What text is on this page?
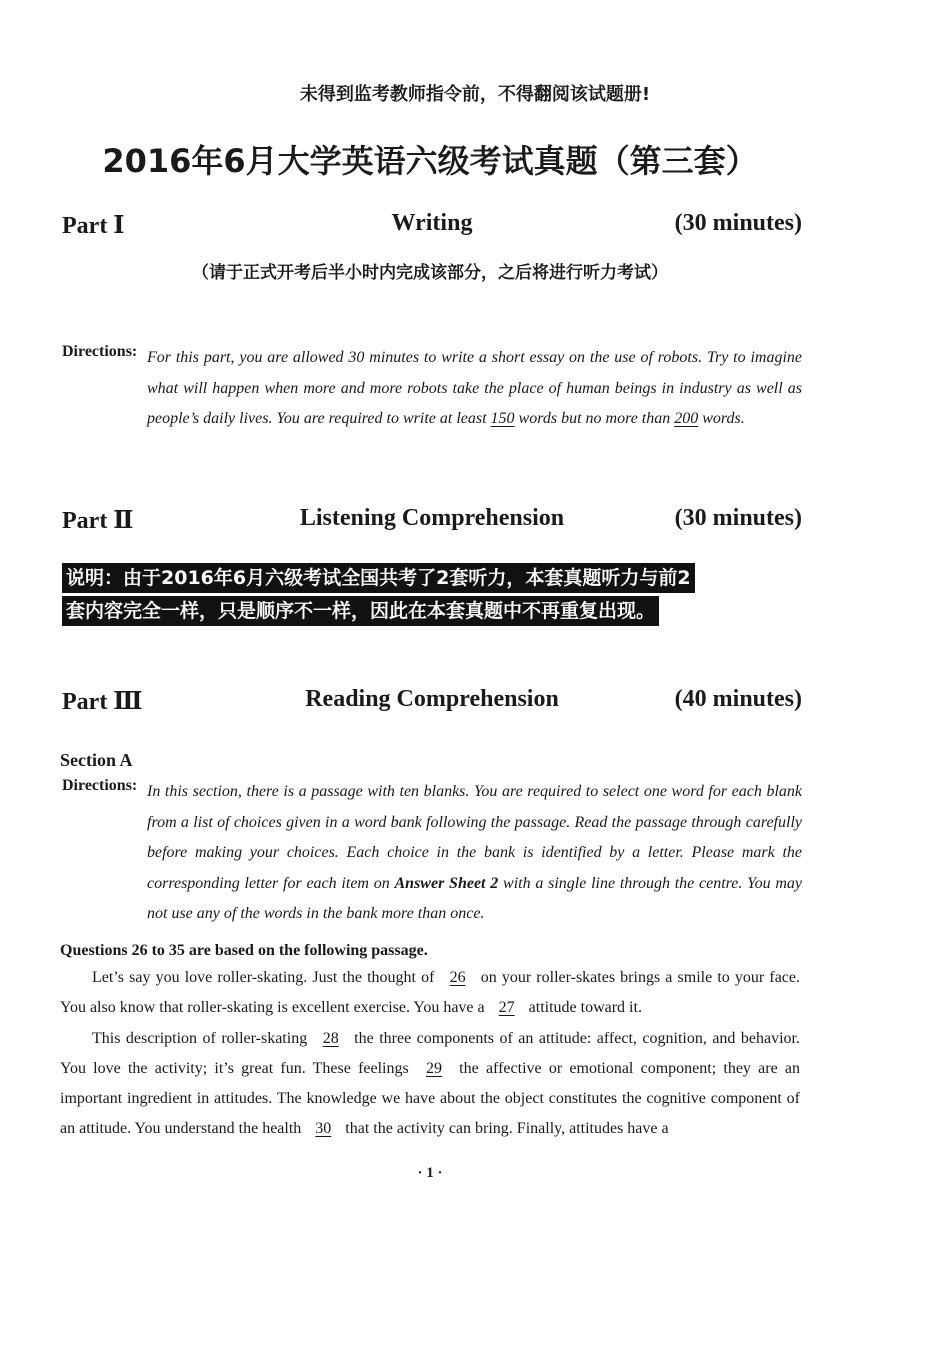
未得到监考教师指令前，不得翻阅该试题册!
2016年6月大学英语六级考试真题（第三套）
Part Ⅰ	Writing	(30 minutes)
（请于正式开考后半小时内完成该部分，之后将进行听力考试）
Directions: For this part, you are allowed 30 minutes to write a short essay on the use of robots. Try to imagine what will happen when more and more robots take the place of human beings in industry as well as people’s daily lives. You are required to write at least 150 words but no more than 200 words.
Part Ⅱ	Listening Comprehension	(30 minutes)
说明：由于2016年6月六级考试全国共考了2套听力，本套真题听力与前2
套内容完全一样，只是顺序不一样，因此在本套真题中不再重复出现。
Part Ⅲ	Reading Comprehension	(40 minutes)
Section A
Directions: In this section, there is a passage with ten blanks. You are required to select one word for each blank from a list of choices given in a word bank following the passage. Read the passage through carefully before making your choices. Each choice in the bank is identified by a letter. Please mark the corresponding letter for each item on Answer Sheet 2 with a single line through the centre. You may not use any of the words in the bank more than once.
Questions 26 to 35 are based on the following passage.

Let’s say you love roller-skating. Just the thought of 26 on your roller-skates brings a smile to your face. You also know that roller-skating is excellent exercise. You have a 27 attitude toward it.

This description of roller-skating 28 the three components of an attitude: affect, cognition, and behavior. You love the activity; it’s great fun. These feelings 29 the affective or emotional component; they are an important ingredient in attitudes. The knowledge we have about the object constitutes the cognitive component of an attitude. You understand the health 30 that the activity can bring. Finally, attitudes have a

· 1 ·
